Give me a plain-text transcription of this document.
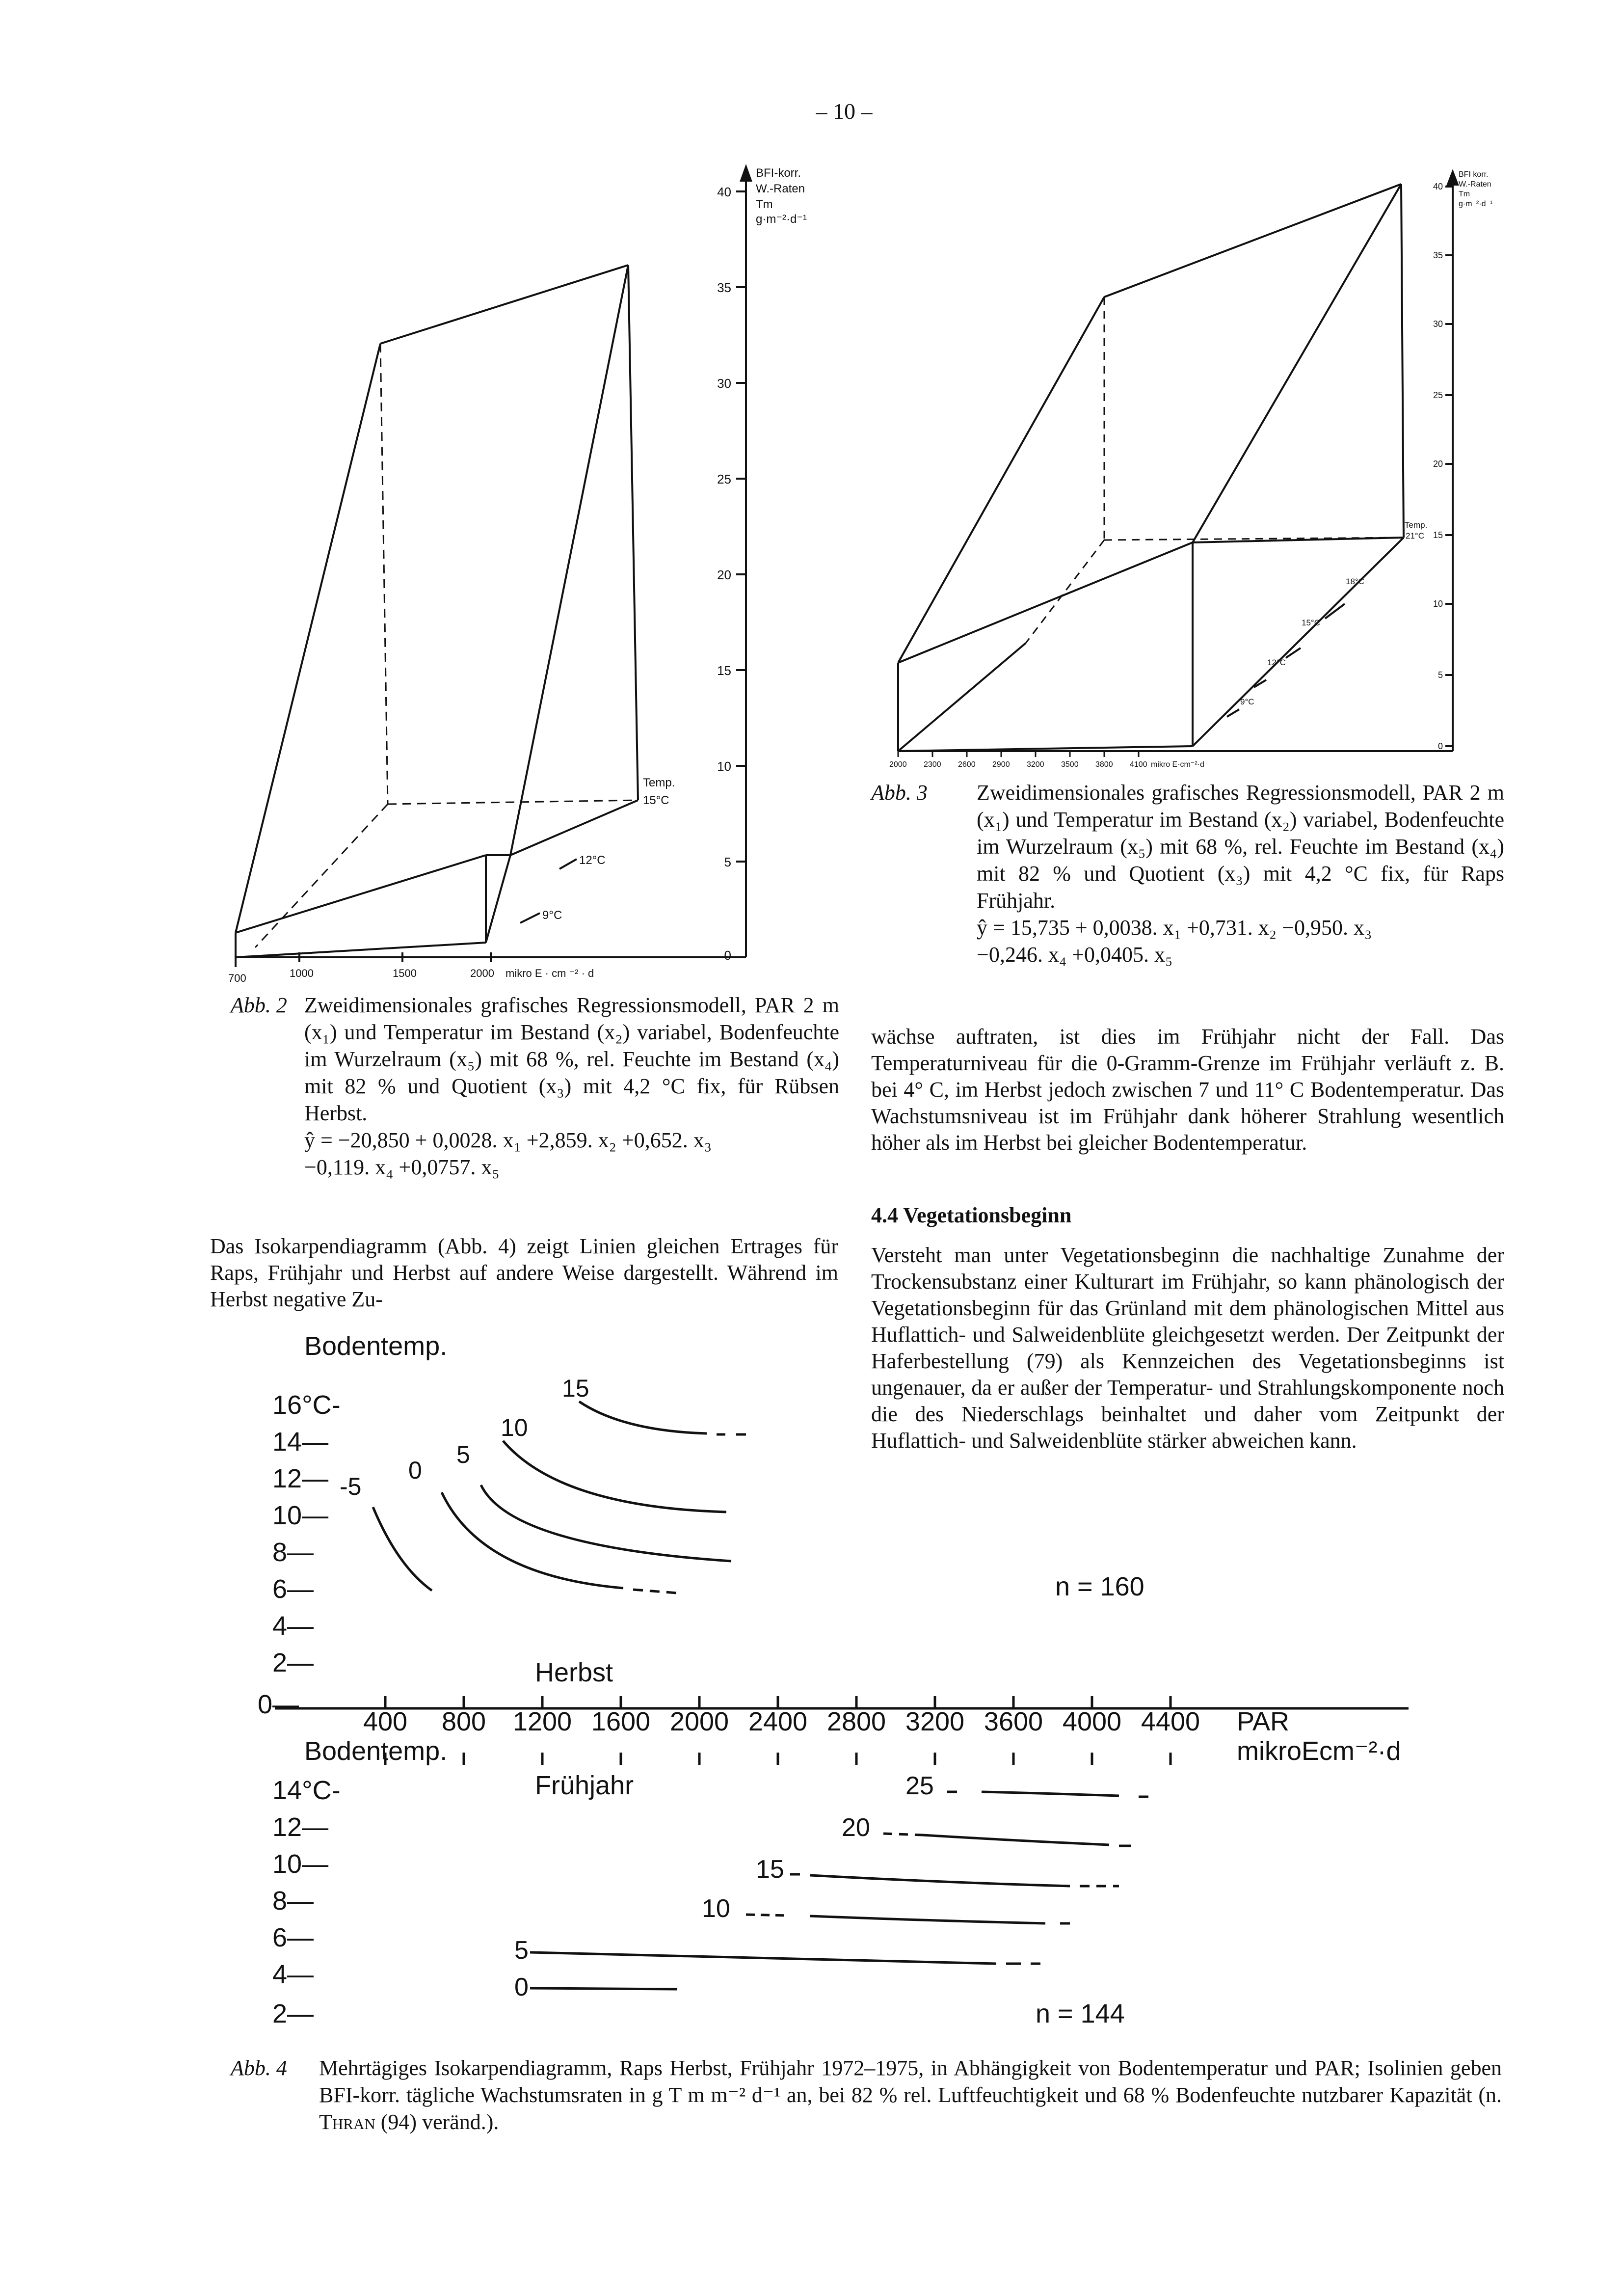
– 10 –
40
35
30
25
20
15
10
5
0
BFI-korr.
W.-Raten
Tm
g·m⁻²·d⁻¹
700	1000	1500	2000 mikro E · cm ⁻² · d
Temp.
15°C
12°C
9°C
Abb. 2 Zweidimensionales grafisches Regressionsmodell, PAR 2 m (x₁) und Temperatur im Bestand (x₂) variabel, Bodenfeuchte im Wurzelraum (x₅) mit 68 %, rel. Feuchte im Bestand (x₄) mit 82 % und Quotient (x₃) mit 4,2 °C fix, für Rübsen Herbst.
ŷ = −20,850 + 0,0028. x₁ +2,859. x₂ +0,652. x₃
−0,119. x₄ +0,0757. x₅
40
35
30
25
20
15
10
5
0
BFI korr.
W.-Raten
Tm
g·m⁻²·d⁻¹
2000 2300 2600 2900 3200 3500 3800 4100 mikro E·cm⁻²·d
Temp.
21°C
18°C
15°C
12°C
9°C
Abb. 3	Zweidimensionales grafisches Regressionsmodell, PAR 2 m (x₁) und Temperatur im Bestand (x₂) variabel, Bodenfeuchte im Wurzelraum (x₅) mit 68 %, rel. Feuchte im Bestand (x₄) mit 82 % und Quotient (x₃) mit 4,2 °C fix, für Raps Frühjahr.
ŷ = 15,735 + 0,0038. x₁ +0,731. x₂ −0,950. x₃
−0,246. x₄ +0,0405. x₅
Das Isokarpendiagramm (Abb. 4) zeigt Linien gleichen Ertrages für Raps, Frühjahr und Herbst auf andere Weise dargestellt. Während im Herbst negative Zu-
wächse auftraten, ist dies im Frühjahr nicht der Fall. Das Temperaturniveau für die 0-Gramm-Grenze im Frühjahr verläuft z. B. bei 4° C, im Herbst jedoch zwischen 7 und 11° C Bodentemperatur. Das Wachstumsniveau ist im Frühjahr dank höherer Strahlung wesentlich höher als im Herbst bei gleicher Bodentemperatur.
4.4 Vegetationsbeginn
Versteht man unter Vegetationsbeginn die nachhaltige Zunahme der Trockensubstanz einer Kulturart im Frühjahr, so kann phänologisch der Vegetationsbeginn für das Grünland mit dem phänologischen Mittel aus Huflattich- und Salweidenblüte gleichgesetzt werden. Der Zeitpunkt der Haferbestellung (79) als Kennzeichen des Vegetationsbeginns ist ungenauer, da er außer der Temperatur- und Strahlungskomponente noch die des Niederschlags beinhaltet und daher vom Zeitpunkt der Huflattich- und Salweidenblüte stärker abweichen kann.
Bodentemp.
16°C-
14—
12—
10—
8—
6—
4—
2—
0—
15
10
5
0
-5
n = 160
Herbst
400 800 1200 1600 2000 2400 2800 3200 3600 4000 4400 PAR
mikroEcm⁻²·d
Bodentemp.
14°C-
12—
10—
8—
6—
4—
2—
Frühjahr	25
20
15
10
5
0
n = 144
Abb. 4	Mehrtägiges Isokarpendiagramm, Raps Herbst, Frühjahr 1972–1975, in Abhängigkeit von Bodentemperatur und PAR; Isolinien geben BFI-korr. tägliche Wachstumsraten in g T m m⁻² d⁻¹ an, bei 82 % rel. Luftfeuchtigkeit und 68 % Bodenfeuchte nutzbarer Kapazität (n. Thran (94) veränd.).
